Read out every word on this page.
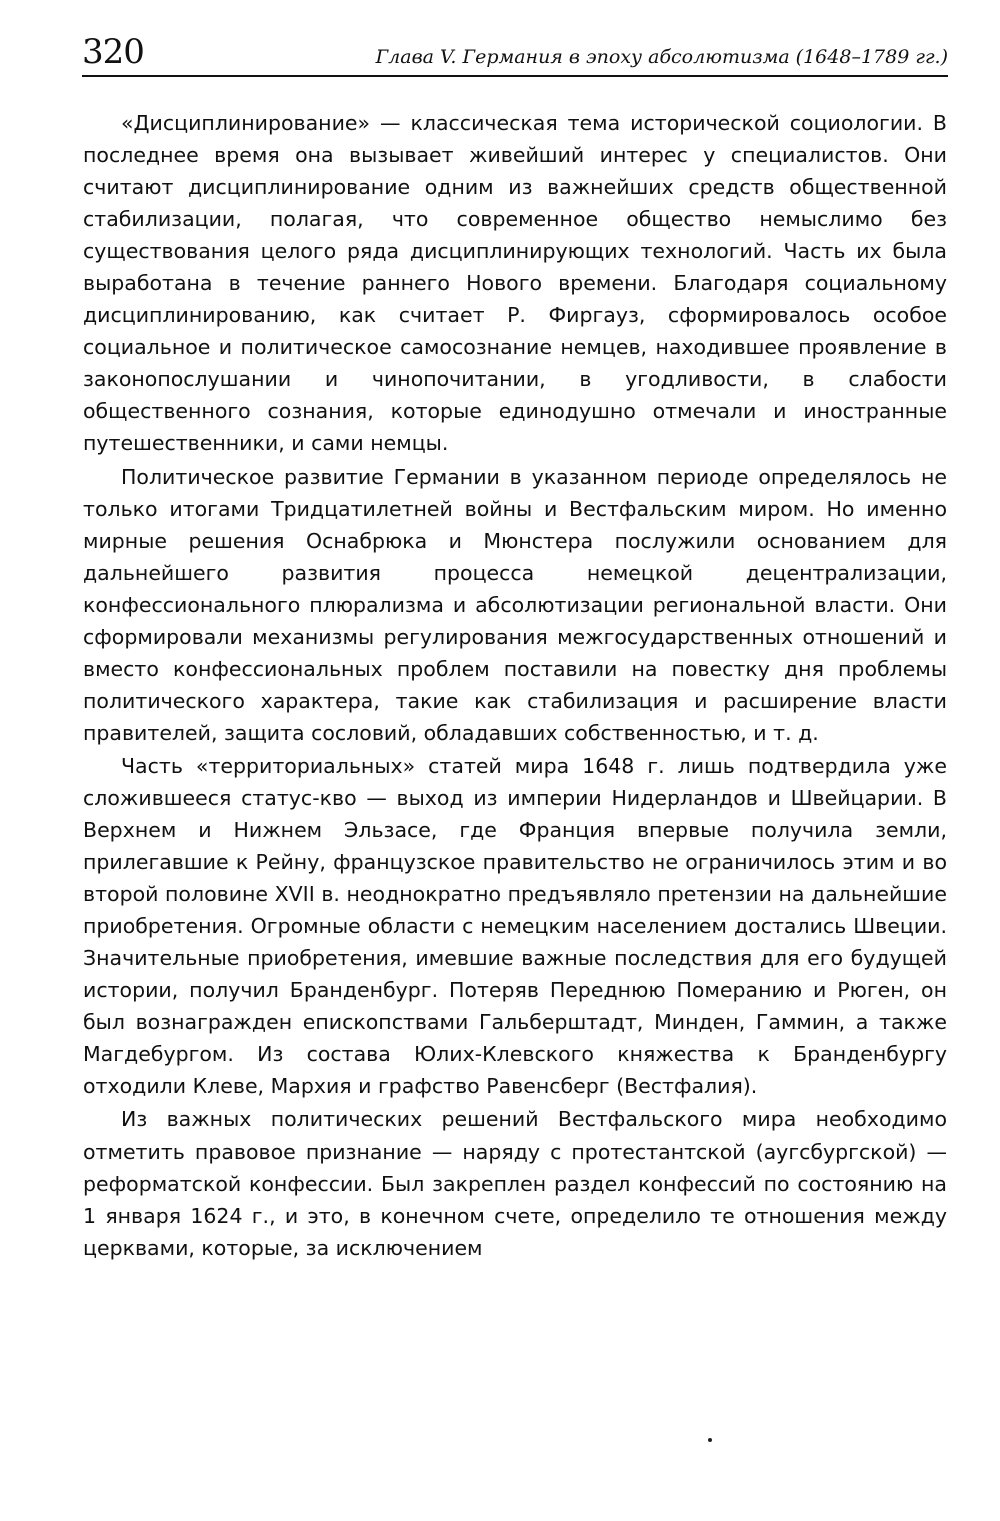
320	Глава V. Германия в эпоху абсолютизма (1648–1789 гг.)

«Дисциплинирование» — классическая тема исторической социологии. В последнее время она вызывает живейший интерес у специалистов. Они считают дисциплинирование одним из важнейших средств общественной стабилизации, полагая, что современное общество немыслимо без существования целого ряда дисциплинирующих технологий. Часть их была выработана в течение раннего Нового времени. Благодаря социальному дисциплинированию, как считает Р. Фиргауз, сформировалось особое социальное и политическое самосознание немцев, находившее проявление в законопослушании и чинопочитании, в угодливости, в слабости общественного сознания, которые единодушно отмечали и иностранные путешественники, и сами немцы.

Политическое развитие Германии в указанном периоде определялось не только итогами Тридцатилетней войны и Вестфальским миром. Но именно мирные решения Оснабрюка и Мюнстера послужили основанием для дальнейшего развития процесса немецкой децентрализации, конфессионального плюрализма и абсолютизации региональной власти. Они сформировали механизмы регулирования межгосударственных отношений и вместо конфессиональных проблем поставили на повестку дня проблемы политического характера, такие как стабилизация и расширение власти правителей, защита сословий, обладавших собственностью, и т. д.

Часть «территориальных» статей мира 1648 г. лишь подтвердила уже сложившееся статус-кво — выход из империи Нидерландов и Швейцарии. В Верхнем и Нижнем Эльзасе, где Франция впервые получила земли, прилегавшие к Рейну, французское правительство не ограничилось этим и во второй половине XVII в. неоднократно предъявляло претензии на дальнейшие приобретения. Огромные области с немецким населением достались Швеции. Значительные приобретения, имевшие важные последствия для его будущей истории, получил Бранденбург. Потеряв Переднюю Померанию и Рюген, он был вознагражден епископствами Гальберштадт, Минден, Гаммин, а также Магдебургом. Из состава Юлих-Клевского княжества к Бранденбургу отходили Клеве, Мархия и графство Равенсберг (Вестфалия).

Из важных политических решений Вестфальского мира необходимо отметить правовое признание — наряду с протестантской (аугсбургской) — реформатской конфессии. Был закреплен раздел конфессий по состоянию на 1 января 1624 г., и это, в конечном счете, определило те отношения между церквами, которые, за исключением
